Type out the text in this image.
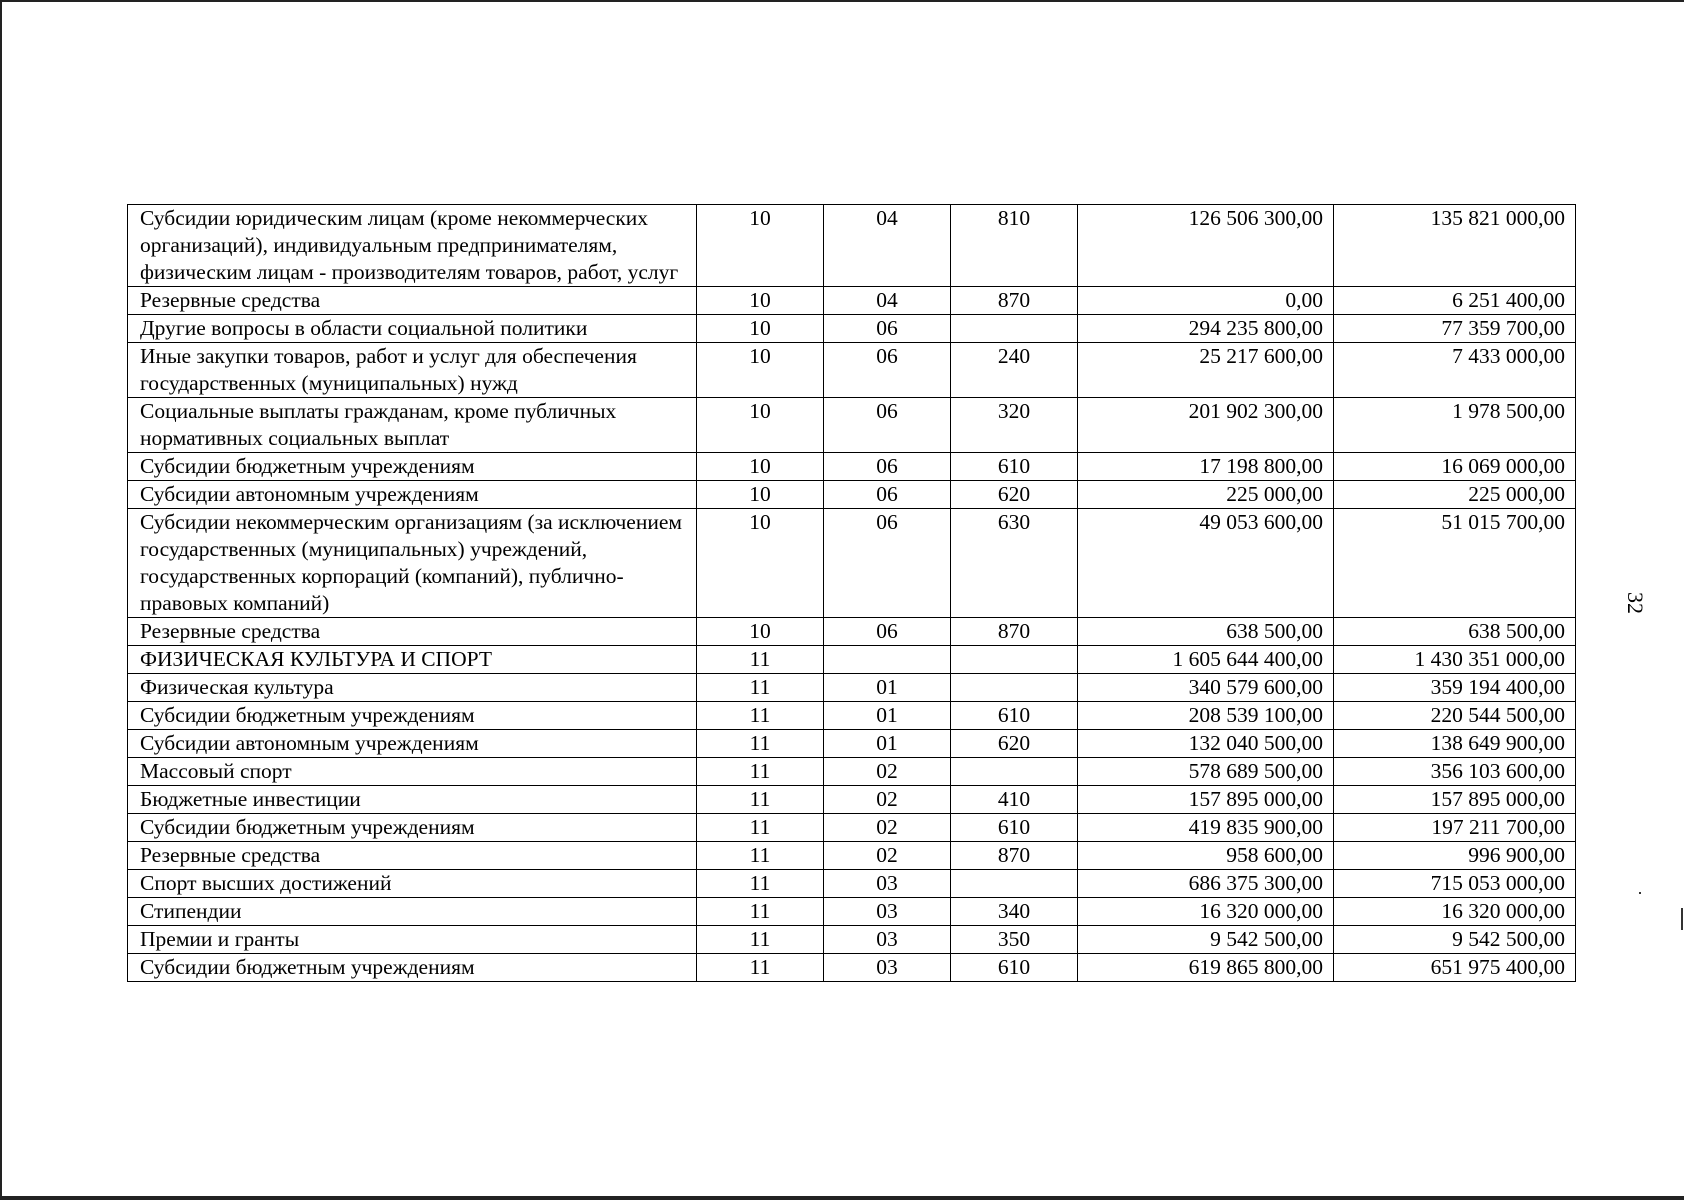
32
Субсидии юридическим лицам (кроме некоммерческих организаций), индивидуальным предпринимателям, физическим лицам - производителям товаров, работ, услуг	10	04	810	126 506 300,00	135 821 000,00
Резервные средства	10	04	870	0,00	6 251 400,00
Другие вопросы в области социальной политики	10	06		294 235 800,00	77 359 700,00
Иные закупки товаров, работ и услуг для обеспечения государственных (муниципальных) нужд	10	06	240	25 217 600,00	7 433 000,00
Социальные выплаты гражданам, кроме публичных нормативных социальных выплат	10	06	320	201 902 300,00	1 978 500,00
Субсидии бюджетным учреждениям	10	06	610	17 198 800,00	16 069 000,00
Субсидии автономным учреждениям	10	06	620	225 000,00	225 000,00
Субсидии некоммерческим организациям (за исключением государственных (муниципальных) учреждений, государственных корпораций (компаний), публично-правовых компаний)	10	06	630	49 053 600,00	51 015 700,00
Резервные средства	10	06	870	638 500,00	638 500,00
ФИЗИЧЕСКАЯ КУЛЬТУРА И СПОРТ	11			1 605 644 400,00	1 430 351 000,00
Физическая культура	11	01		340 579 600,00	359 194 400,00
Субсидии бюджетным учреждениям	11	01	610	208 539 100,00	220 544 500,00
Субсидии автономным учреждениям	11	01	620	132 040 500,00	138 649 900,00
Массовый спорт	11	02		578 689 500,00	356 103 600,00
Бюджетные инвестиции	11	02	410	157 895 000,00	157 895 000,00
Субсидии бюджетным учреждениям	11	02	610	419 835 900,00	197 211 700,00
Резервные средства	11	02	870	958 600,00	996 900,00
Спорт высших достижений	11	03		686 375 300,00	715 053 000,00
Стипендии	11	03	340	16 320 000,00	16 320 000,00
Премии и гранты	11	03	350	9 542 500,00	9 542 500,00
Субсидии бюджетным учреждениям	11	03	610	619 865 800,00	651 975 400,00
